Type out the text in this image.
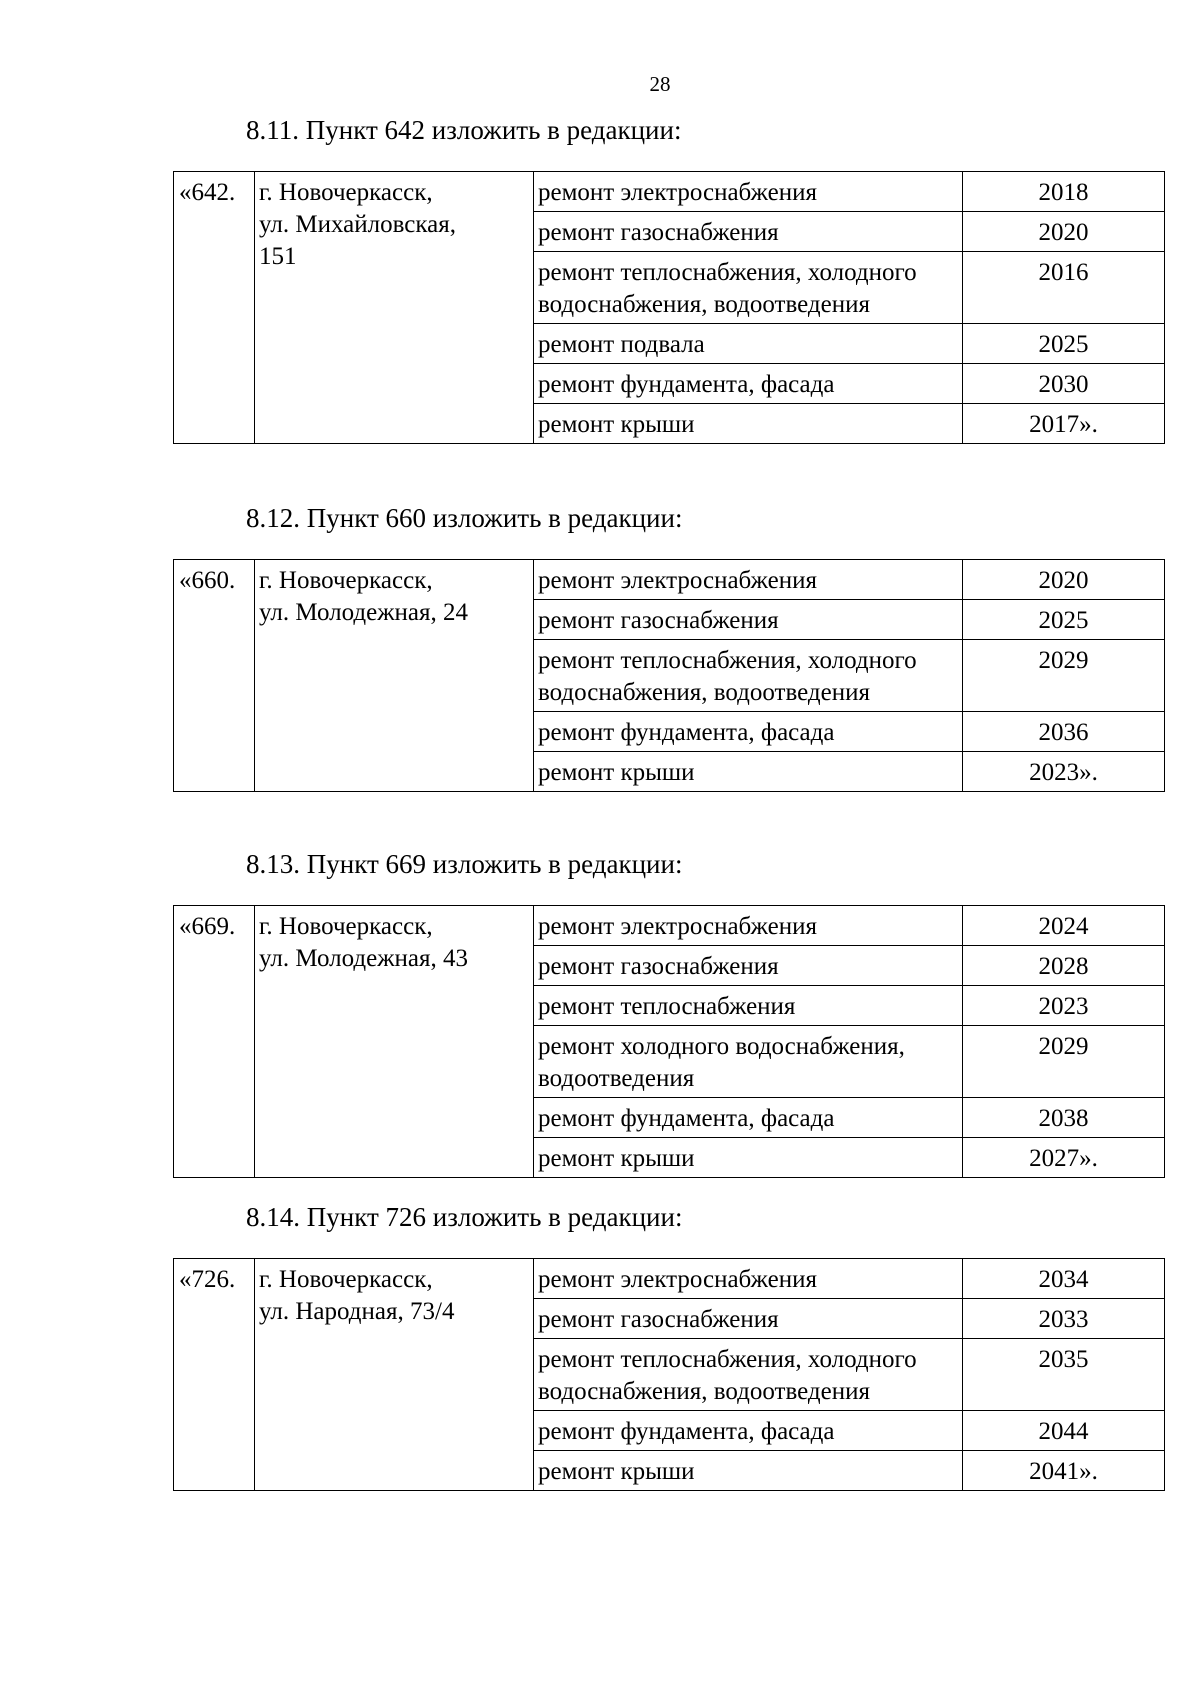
28
8.11. Пункт 642 изложить в редакции:
«642.	г. Новочеркасск,
ул. Михайловская,
151	ремонт электроснабжения	2018
		ремонт газоснабжения	2020
		ремонт теплоснабжения, холодного водоснабжения, водоотведения	2016
		ремонт подвала	2025
		ремонт фундамента, фасада	2030
		ремонт крыши	2017».
8.12. Пункт 660 изложить в редакции:
«660.	г. Новочеркасск,
ул. Молодежная, 24	ремонт электроснабжения	2020
		ремонт газоснабжения	2025
		ремонт теплоснабжения, холодного водоснабжения, водоотведения	2029
		ремонт фундамента, фасада	2036
		ремонт крыши	2023».
8.13. Пункт 669 изложить в редакции:
«669.	г. Новочеркасск,
ул. Молодежная, 43	ремонт электроснабжения	2024
		ремонт газоснабжения	2028
		ремонт теплоснабжения	2023
		ремонт холодного водоснабжения, водоотведения	2029
		ремонт фундамента, фасада	2038
		ремонт крыши	2027».
8.14. Пункт 726 изложить в редакции:
«726.	г. Новочеркасск,
ул. Народная, 73/4	ремонт электроснабжения	2034
		ремонт газоснабжения	2033
		ремонт теплоснабжения, холодного водоснабжения, водоотведения	2035
		ремонт фундамента, фасада	2044
		ремонт крыши	2041».
